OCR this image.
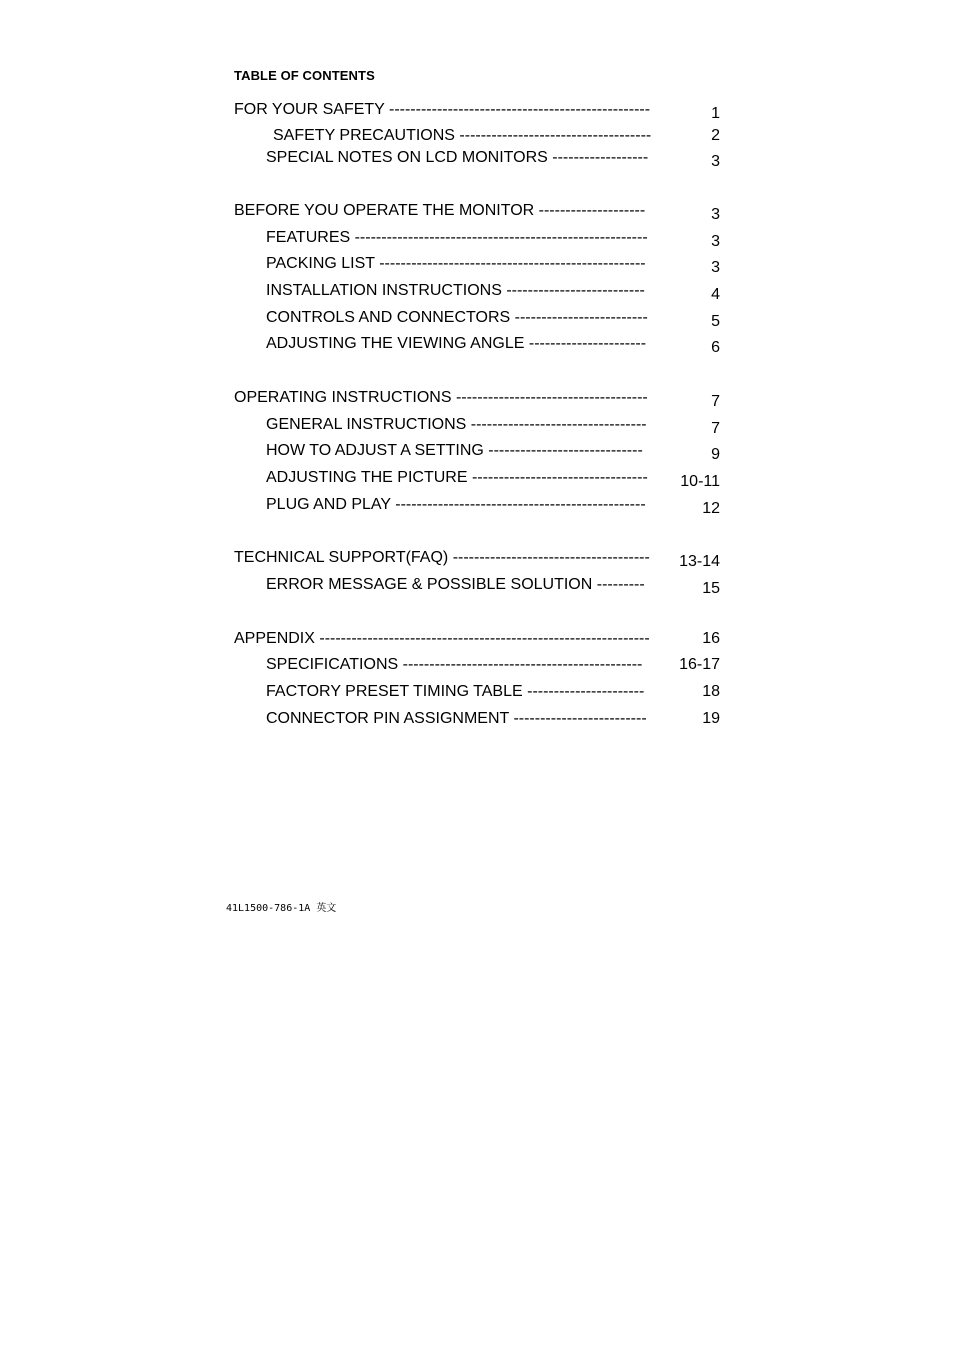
TABLE OF CONTENTS
FOR YOUR SAFETY -------------------------------------------------	1
SAFETY PRECAUTIONS ------------------------------------	2
SPECIAL NOTES ON LCD MONITORS ------------------	3
BEFORE YOU OPERATE THE MONITOR --------------------	3
FEATURES -------------------------------------------------------	3
PACKING LIST --------------------------------------------------	3
INSTALLATION INSTRUCTIONS --------------------------	4
CONTROLS AND CONNECTORS -------------------------	5
ADJUSTING THE VIEWING ANGLE ----------------------	6
OPERATING INSTRUCTIONS ------------------------------------	7
GENERAL INSTRUCTIONS ---------------------------------	7
HOW TO ADJUST A SETTING -----------------------------	9
ADJUSTING THE PICTURE ---------------------------------	10-11
PLUG AND PLAY -----------------------------------------------	12
TECHNICAL SUPPORT(FAQ) -------------------------------------	13-14
ERROR MESSAGE & POSSIBLE SOLUTION ---------	15
APPENDIX --------------------------------------------------------------	16
SPECIFICATIONS ---------------------------------------------	16-17
FACTORY PRESET TIMING TABLE ----------------------	18
CONNECTOR PIN ASSIGNMENT -------------------------	19
41L1500-786-1A 英文
